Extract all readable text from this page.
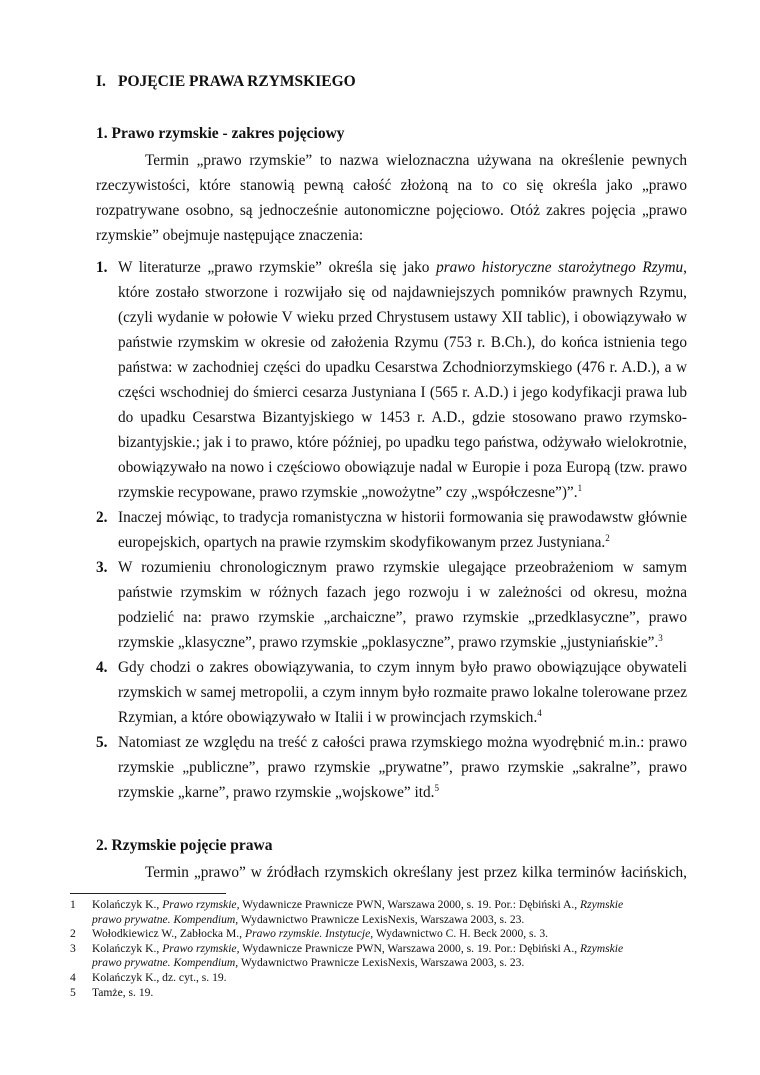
I. POJĘCIE PRAWA RZYMSKIEGO
1. Prawo rzymskie - zakres pojęciowy
Termin „prawo rzymskie” to nazwa wieloznaczna używana na określenie pewnych
rzeczywistości, które stanowią pewną całość złożoną na to co się określa jako „prawo
rozpatrywane osobno, są jednocześnie autonomiczne pojęciowo. Otóż zakres pojęcia „prawo
rzymskie” obejmuje następujące znaczenia:
1. W literaturze „prawo rzymskie” określa się jako prawo historyczne starożytnego Rzymu,
które zostało stworzone i rozwijało się od najdawniejszych pomników prawnych Rzymu,
(czyli wydanie w połowie V wieku przed Chrystusem ustawy XII tablic), i obowiązywało w
państwie rzymskim w okresie od założenia Rzymu (753 r. B.Ch.), do końca istnienia tego
państwa: w zachodniej części do upadku Cesarstwa Zchodniorzymskiego (476 r. A.D.), a w
części wschodniej do śmierci cesarza Justyniana I (565 r. A.D.) i jego kodyfikacji prawa lub
do upadku Cesarstwa Bizantyjskiego w 1453 r. A.D., gdzie stosowano prawo rzymsko-
bizantyjskie.; jak i to prawo, które później, po upadku tego państwa, odżywało wielokrotnie,
obowiązywało na nowo i częściowo obowiązuje nadal w Europie i poza Europą (tzw. prawo
rzymskie recypowane, prawo rzymskie „nowożytne” czy „współczesne”)”.$^1$
2. Inaczej mówiąc, to tradycja romanistyczna w historii formowania się prawodawstw głównie
europejskich, opartych na prawie rzymskim skodyfikowanym przez Justyniana.$^2$
3. W rozumieniu chronologicznym prawo rzymskie ulegające przeobrażeniom w samym
państwie rzymskim w różnych fazach jego rozwoju i w zależności od okresu, można
podzielić na: prawo rzymskie „archaiczne”, prawo rzymskie „przedklasyczne”, prawo
rzymskie „klasyczne”, prawo rzymskie „poklasyczne”, prawo rzymskie „justyniańskie”.$^3$
4. Gdy chodzi o zakres obowiązywania, to czym innym było prawo obowiązujące obywateli
rzymskich w samej metropolii, a czym innym było rozmaite prawo lokalne tolerowane przez
Rzymian, a które obowiązywało w Italii i w prowincjach rzymskich.$^4$
5. Natomiast ze względu na treść z całości prawa rzymskiego można wyodrębnić m.in.: prawo
rzymskie „publiczne”, prawo rzymskie „prywatne”, prawo rzymskie „sakralne”, prawo
rzymskie „karne”, prawo rzymskie „wojskowe” itd.$^5$
2. Rzymskie pojęcie prawa
Termin „prawo” w źródłach rzymskich określany jest przez kilka terminów łacińskich,
1 Kolańczyk K., Prawo rzymskie, Wydawnicze Prawnicze PWN, Warszawa 2000, s. 19. Por.: Dębiński A., Rzymskie
prawo prywatne. Kompendium, Wydawnictwo Prawnicze LexisNexis, Warszawa 2003, s. 23.
2 Wołodkiewicz W., Zabłocka M., Prawo rzymskie. Instytucje, Wydawnictwo C. H. Beck 2000, s. 3.
3 Kolańczyk K., Prawo rzymskie, Wydawnicze Prawnicze PWN, Warszawa 2000, s. 19. Por.: Dębiński A., Rzymskie
prawo prywatne. Kompendium, Wydawnictwo Prawnicze LexisNexis, Warszawa 2003, s. 23.
4 Kolańczyk K., dz. cyt., s. 19.
5 Tamże, s. 19.
